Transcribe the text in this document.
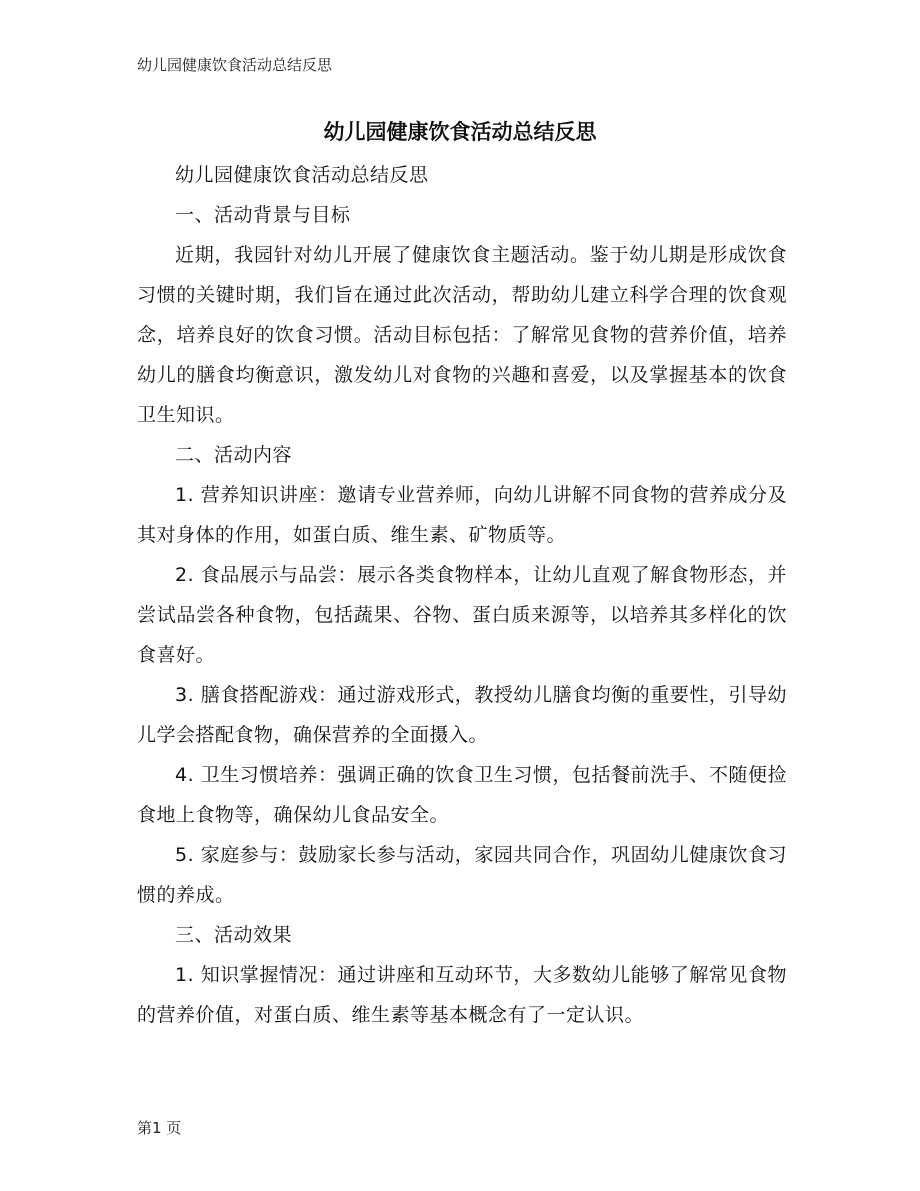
幼儿园健康饮食活动总结反思
幼儿园健康饮食活动总结反思

幼儿园健康饮食活动总结反思

一、活动背景与目标

近期，我园针对幼儿开展了健康饮食主题活动。鉴于幼儿期是形成饮食习惯的关键时期，我们旨在通过此次活动，帮助幼儿建立科学合理的饮食观念，培养良好的饮食习惯。活动目标包括：了解常见食物的营养价值，培养幼儿的膳食均衡意识，激发幼儿对食物的兴趣和喜爱，以及掌握基本的饮食卫生知识。

二、活动内容

1. 营养知识讲座：邀请专业营养师，向幼儿讲解不同食物的营养成分及其对身体的作用，如蛋白质、维生素、矿物质等。

2. 食品展示与品尝：展示各类食物样本，让幼儿直观了解食物形态，并尝试品尝各种食物，包括蔬果、谷物、蛋白质来源等，以培养其多样化的饮食喜好。

3. 膳食搭配游戏：通过游戏形式，教授幼儿膳食均衡的重要性，引导幼儿学会搭配食物，确保营养的全面摄入。

4. 卫生习惯培养：强调正确的饮食卫生习惯，包括餐前洗手、不随便捡食地上食物等，确保幼儿食品安全。

5. 家庭参与：鼓励家长参与活动，家园共同合作，巩固幼儿健康饮食习惯的养成。

三、活动效果

1. 知识掌握情况：通过讲座和互动环节，大多数幼儿能够了解常见食物的营养价值，对蛋白质、维生素等基本概念有了一定认识。

第1 页
